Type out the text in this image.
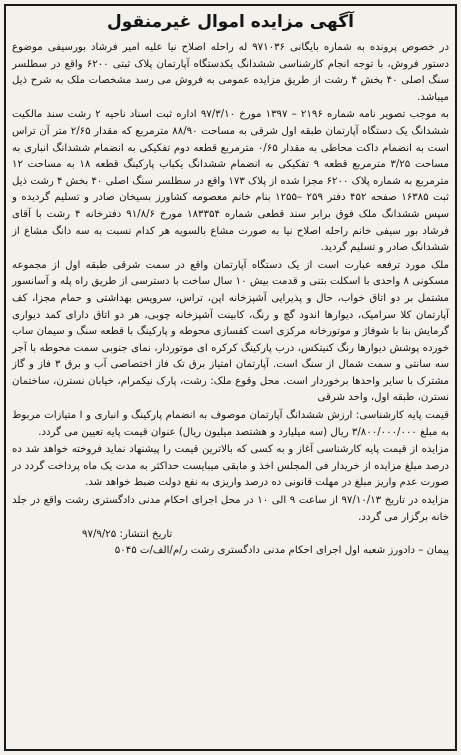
آگهی مزایده اموال غیرمنقول

در خصوص پرونده به شماره بایگانی ۹۷۱۰۳۶ له راحله اصلاح نیا علیه امیر فرشاد بورسیفی موضوع دستور فروش، با توجه انجام کارشناسی ششدانگ یکدستگاه آپارتمان پلاک ثبتی ۶۲۰۰ واقع در سطلسر سنگ اصلی ۴۰ بخش ۴ رشت از طریق مزایده عمومی به فروش می رسد مشخصات ملک به شرح ذیل میباشد.

به موجب تصویر نامه شماره ۲۱۹۶ – ۱۳۹۷ مورخ ۹۷/۳/۱۰ اداره ثبت اسناد ناحیه ۲ رشت سند مالکیت ششدانگ یک دستگاه آپارتمان طبقه اول شرقی به مساحت ۸۸/۹۰ مترمربع که مقدار ۲/۶۵ متر آن تراس است به انضمام داکت محاطی به مقدار ۰/۶۵ مترمربع قطعه دوم تفکیکی به انضمام ششدانگ انباری به مساحت ۳/۲۵ مترمربع قطعه ۹ تفکیکی به انضمام ششدانگ یکباب پارکینگ قطعه ۱۸ به مساحت ۱۲ مترمربع به شماره پلاک ۶۲۰۰ مجزا شده از پلاک ۱۷۳ واقع در سطلسر سنگ اصلی ۴۰ بخش ۴ رشت ذیل ثبت ۱۶۳۸۵ صفحه ۴۵۲ دفتر ۲۵۹ –۱۲۵۵ بنام خانم معصومه کشاورز بسیخان صادر و تسلیم گردیده و سپس ششدانگ ملک فوق برابر سند قطعی شماره ۱۸۳۳۵۴ مورخ ۹۱/۸/۶ دفترخانه ۴ رشت با آقای فرشاد بور سیفی خانم راحله اصلاح نیا به صورت مشاع بالسویه هر کدام نسبت به سه دانگ مشاع از ششدانگ صادر و تسلیم گردید.

ملک مورد ترفعه عبارت است از یک دستگاه آپارتمان واقع در سمت شرقی طبقه اول از مجموعه مسکونی ۸ واحدی با اسکلت بتنی و قدمت بیش ۱۰ سال ساخت با دسترسی از طریق راه پله و آسانسور مشتمل بر دو اتاق خواب، حال و پذیرایی آشپزخانه اپن، تراس، سرویس بهداشتی و حمام مجزا، کف آپارتمان کلا سرامیک، دیوارها اندود گچ و رنگ، کابینت آشپزخانه چوبی، هر دو اتاق دارای کمد دیواری گرمایش بنا با شوفاژ و موتورخانه مرکزی است کفسازی محوطه و پارکینگ با قطعه سنگ و سیمان ساب خورده پوشش دیوارها رنگ کنیتکس، درب پارکینگ کرکره ای موتوردار، نمای جنوبی سمت محوطه با آجر سه سانتی و سمت شمال از سنگ است. آپارتمان امتیاز برق تک فاز اختصاصی آب و برق ۳ فاز و گاز مشترک با سایر واحدها برخوردار است. محل وقوع ملک: رشت، پارک نیکمرام، خیابان نسترن، ساختمان نسترن، طبقه اول، واحد شرقی

قیمت پایه کارشناسی: ارزش ششدانگ آپارتمان موصوف به انضمام پارکینگ و انباری و ا متیازات مربوط به مبلغ ۳/۸۰۰/۰۰۰/۰۰۰ ریال (سه میلیارد و هشتصد میلیون ریال) عنوان قیمت پایه تعیین می گردد.

مزایده از قیمت پایه کارشناسی آغاز و به کسی که بالاترین قیمت را پیشنهاد نماید فروخته خواهد شد ده درصد مبلغ مزایده از خریدار فی المجلس اخذ و مابقی میبایست حداکثر به مدت یک ماه پرداخت گردد در صورت عدم واریز مبلغ در مهلت قانونی ده درصد واریزی به نفع دولت ضبط خواهد شد.

مزایده در تاریخ ۹۷/۱۰/۱۳ از ساعت ۹ الی ۱۰ در محل اجرای احکام مدنی دادگستری رشت واقع در جلد خانه برگزار می گردد.

تاریخ انتشار: ۹۷/۹/۲۵
پیمان – دادورز شعبه اول اجرای احکام مدنی دادگستری رشت ر/م/الف/ت ۵۰۴۵
